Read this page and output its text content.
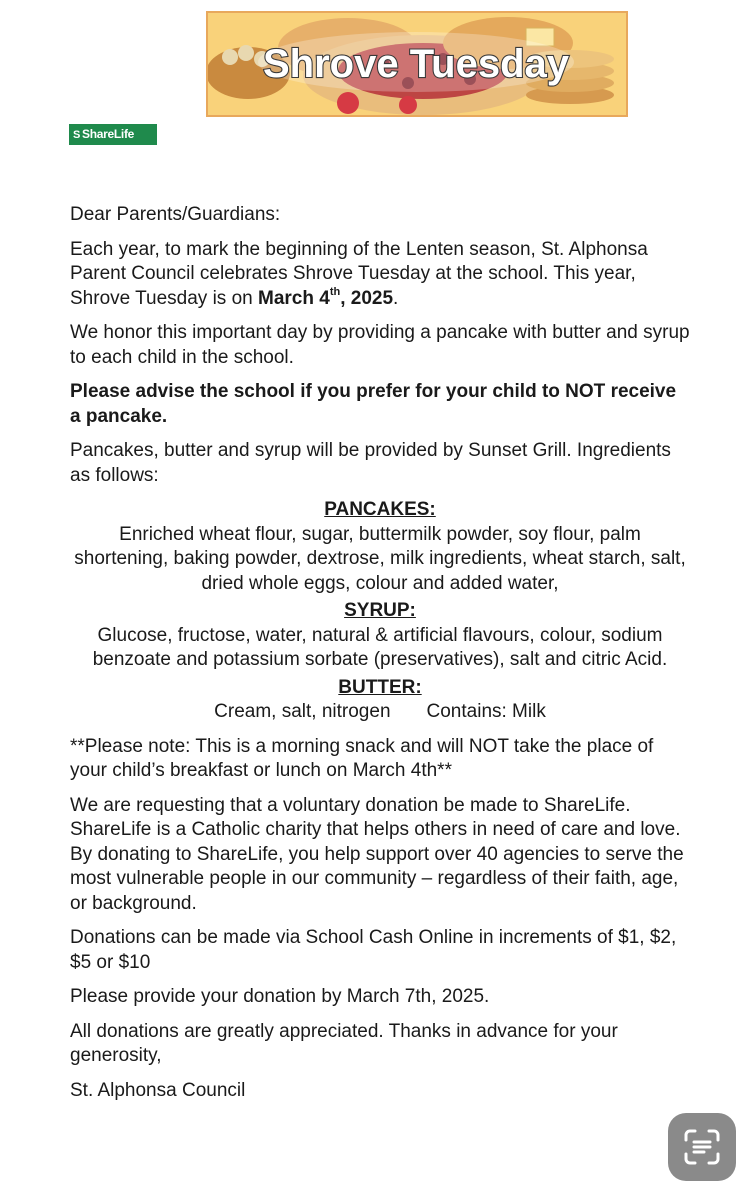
Shrove Tuesday
S ShareLife

Dear Parents/Guardians:

Each year, to mark the beginning of the Lenten season, St. Alphonsa Parent Council celebrates Shrove Tuesday at the school. This year, Shrove Tuesday is on March 4th, 2025.

We honor this important day by providing a pancake with butter and syrup to each child in the school.

Please advise the school if you prefer for your child to NOT receive a pancake.

Pancakes, butter and syrup will be provided by Sunset Grill. Ingredients as follows:

PANCAKES:

Enriched wheat flour, sugar, buttermilk powder, soy flour, palm shortening, baking powder, dextrose, milk ingredients, wheat starch, salt, dried whole eggs, colour and added water,

SYRUP:

Glucose, fructose, water, natural & artificial flavours, colour, sodium benzoate and potassium sorbate (preservatives), salt and citric Acid.

BUTTER:

Cream, salt, nitrogen Contains: Milk

**Please note: This is a morning snack and will NOT take the place of your child’s breakfast or lunch on March 4th**

We are requesting that a voluntary donation be made to ShareLife. ShareLife is a Catholic charity that helps others in need of care and love. By donating to ShareLife, you help support over 40 agencies to serve the most vulnerable people in our community – regardless of their faith, age, or background.

Donations can be made via School Cash Online in increments of $1, $2, $5 or $10

Please provide your donation by March 7th, 2025.

All donations are greatly appreciated. Thanks in advance for your generosity,

St. Alphonsa Council
